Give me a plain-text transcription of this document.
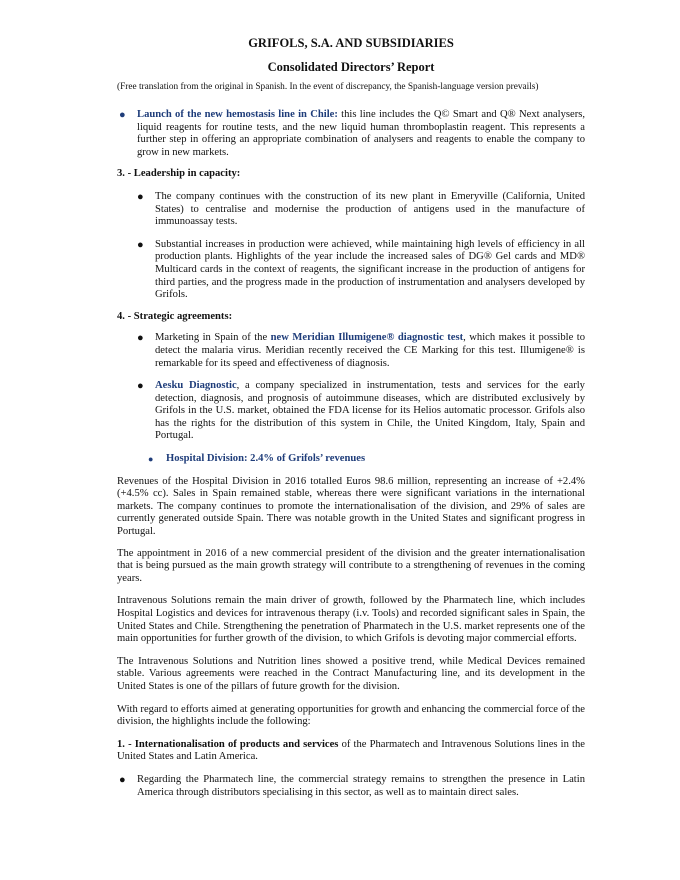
GRIFOLS, S.A. AND SUBSIDIARIES

Consolidated Directors’ Report

(Free translation from the original in Spanish. In the event of discrepancy, the Spanish-language version prevails)

● Launch of the new hemostasis line in Chile: this line includes the Q© Smart and Q® Next analysers, liquid reagents for routine tests, and the new liquid human thromboplastin reagent. This represents a further step in offering an appropriate combination of analysers and reagents to enable the company to grow in new markets.

3. - Leadership in capacity:

● The company continues with the construction of its new plant in Emeryville (California, United States) to centralise and modernise the production of antigens used in the manufacture of immunoassay tests.

● Substantial increases in production were achieved, while maintaining high levels of efficiency in all production plants. Highlights of the year include the increased sales of DG® Gel cards and MD® Multicard cards in the context of reagents, the significant increase in the production of antigens for third parties, and the progress made in the production of instrumentation and analysers developed by Grifols.

4. - Strategic agreements:

● Marketing in Spain of the new Meridian Illumigene® diagnostic test, which makes it possible to detect the malaria virus. Meridian recently received the CE Marking for this test. Illumigene® is remarkable for its speed and effectiveness of diagnosis.

● Aesku Diagnostic, a company specialized in instrumentation, tests and services for the early detection, diagnosis, and prognosis of autoimmune diseases, which are distributed exclusively by Grifols in the U.S. market, obtained the FDA license for its Helios automatic processor. Grifols also has the rights for the distribution of this system in Chile, the United Kingdom, Italy, Spain and Portugal.

● Hospital Division: 2.4% of Grifols’ revenues

Revenues of the Hospital Division in 2016 totalled Euros 98.6 million, representing an increase of +2.4% (+4.5% cc). Sales in Spain remained stable, whereas there were significant variations in the international markets. The company continues to promote the internationalisation of the division, and 29% of sales are currently generated outside Spain. There was notable growth in the United States and significant progress in Portugal.

The appointment in 2016 of a new commercial president of the division and the greater internationalisation that is being pursued as the main growth strategy will contribute to a strengthening of revenues in the coming years.

Intravenous Solutions remain the main driver of growth, followed by the Pharmatech line, which includes Hospital Logistics and devices for intravenous therapy (i.v. Tools) and recorded significant sales in Spain, the United States and Chile. Strengthening the penetration of Pharmatech in the U.S. market represents one of the main opportunities for further growth of the division, to which Grifols is devoting major commercial efforts.

The Intravenous Solutions and Nutrition lines showed a positive trend, while Medical Devices remained stable. Various agreements were reached in the Contract Manufacturing line, and its development in the United States is one of the pillars of future growth for the division.

With regard to efforts aimed at generating opportunities for growth and enhancing the commercial force of the division, the highlights include the following:

1. - Internationalisation of products and services of the Pharmatech and Intravenous Solutions lines in the United States and Latin America.

● Regarding the Pharmatech line, the commercial strategy remains to strengthen the presence in Latin America through distributors specialising in this sector, as well as to maintain direct sales.
